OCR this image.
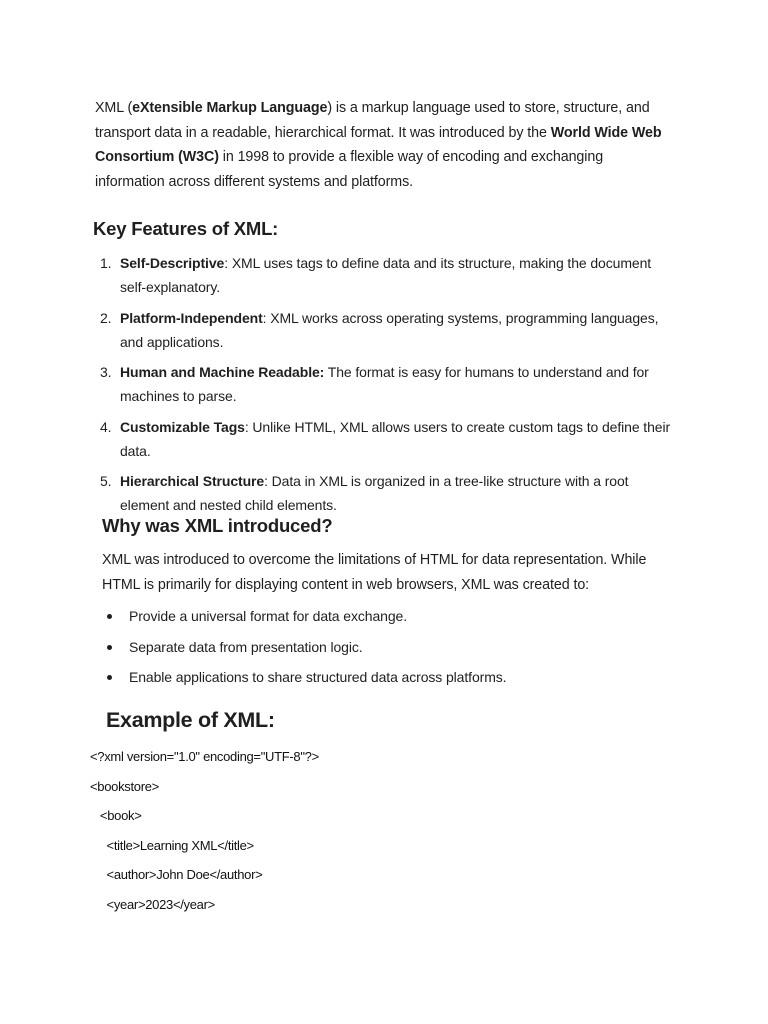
XML (eXtensible Markup Language) is a markup language used to store, structure, and transport data in a readable, hierarchical format. It was introduced by the World Wide Web Consortium (W3C) in 1998 to provide a flexible way of encoding and exchanging information across different systems and platforms.

Key Features of XML:
1. Self-Descriptive: XML uses tags to define data and its structure, making the document self-explanatory.
2. Platform-Independent: XML works across operating systems, programming languages, and applications.
3. Human and Machine Readable: The format is easy for humans to understand and for machines to parse.
4. Customizable Tags: Unlike HTML, XML allows users to create custom tags to define their data.
5. Hierarchical Structure: Data in XML is organized in a tree-like structure with a root element and nested child elements.
Why was XML introduced?

XML was introduced to overcome the limitations of HTML for data representation. While HTML is primarily for displaying content in web browsers, XML was created to:

Provide a universal format for data exchange.
Separate data from presentation logic.
Enable applications to share structured data across platforms.
Example of XML:
<?xml version="1.0" encoding="UTF-8"?>
<bookstore>
<book>
<title>Learning XML</title>
<author>John Doe</author>
<year>2023</year>
